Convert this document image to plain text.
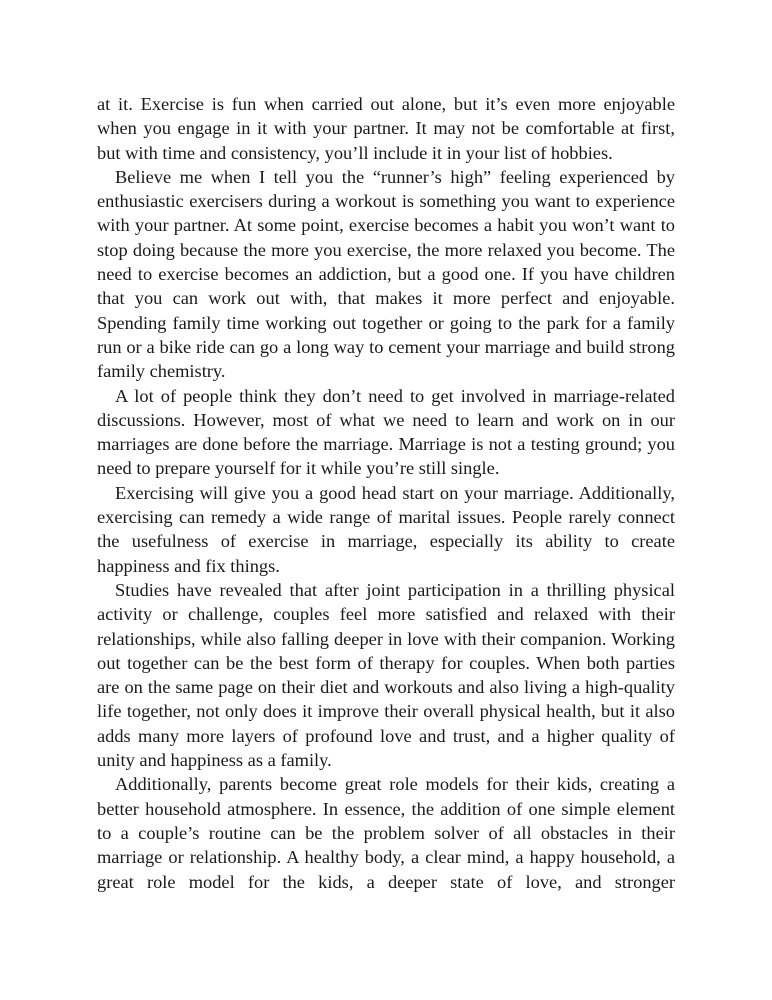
at it. Exercise is fun when carried out alone, but it’s even more enjoyable when you engage in it with your partner. It may not be comfortable at first, but with time and consistency, you’ll include it in your list of hobbies.

Believe me when I tell you the “runner’s high” feeling experienced by enthusiastic exercisers during a workout is something you want to experience with your partner. At some point, exercise becomes a habit you won’t want to stop doing because the more you exercise, the more relaxed you become. The need to exercise becomes an addiction, but a good one. If you have children that you can work out with, that makes it more perfect and enjoyable. Spending family time working out together or going to the park for a family run or a bike ride can go a long way to cement your marriage and build strong family chemistry.

A lot of people think they don’t need to get involved in marriage-related discussions. However, most of what we need to learn and work on in our marriages are done before the marriage. Marriage is not a testing ground; you need to prepare yourself for it while you’re still single.

Exercising will give you a good head start on your marriage. Additionally, exercising can remedy a wide range of marital issues. People rarely connect the usefulness of exercise in marriage, especially its ability to create happiness and fix things.

Studies have revealed that after joint participation in a thrilling physical activity or challenge, couples feel more satisfied and relaxed with their relationships, while also falling deeper in love with their companion. Working out together can be the best form of therapy for couples. When both parties are on the same page on their diet and workouts and also living a high-quality life together, not only does it improve their overall physical health, but it also adds many more layers of profound love and trust, and a higher quality of unity and happiness as a family.

Additionally, parents become great role models for their kids, creating a better household atmosphere. In essence, the addition of one simple element to a couple’s routine can be the problem solver of all obstacles in their marriage or relationship. A healthy body, a clear mind, a happy household, a great role model for the kids, a deeper state of love, and stronger
